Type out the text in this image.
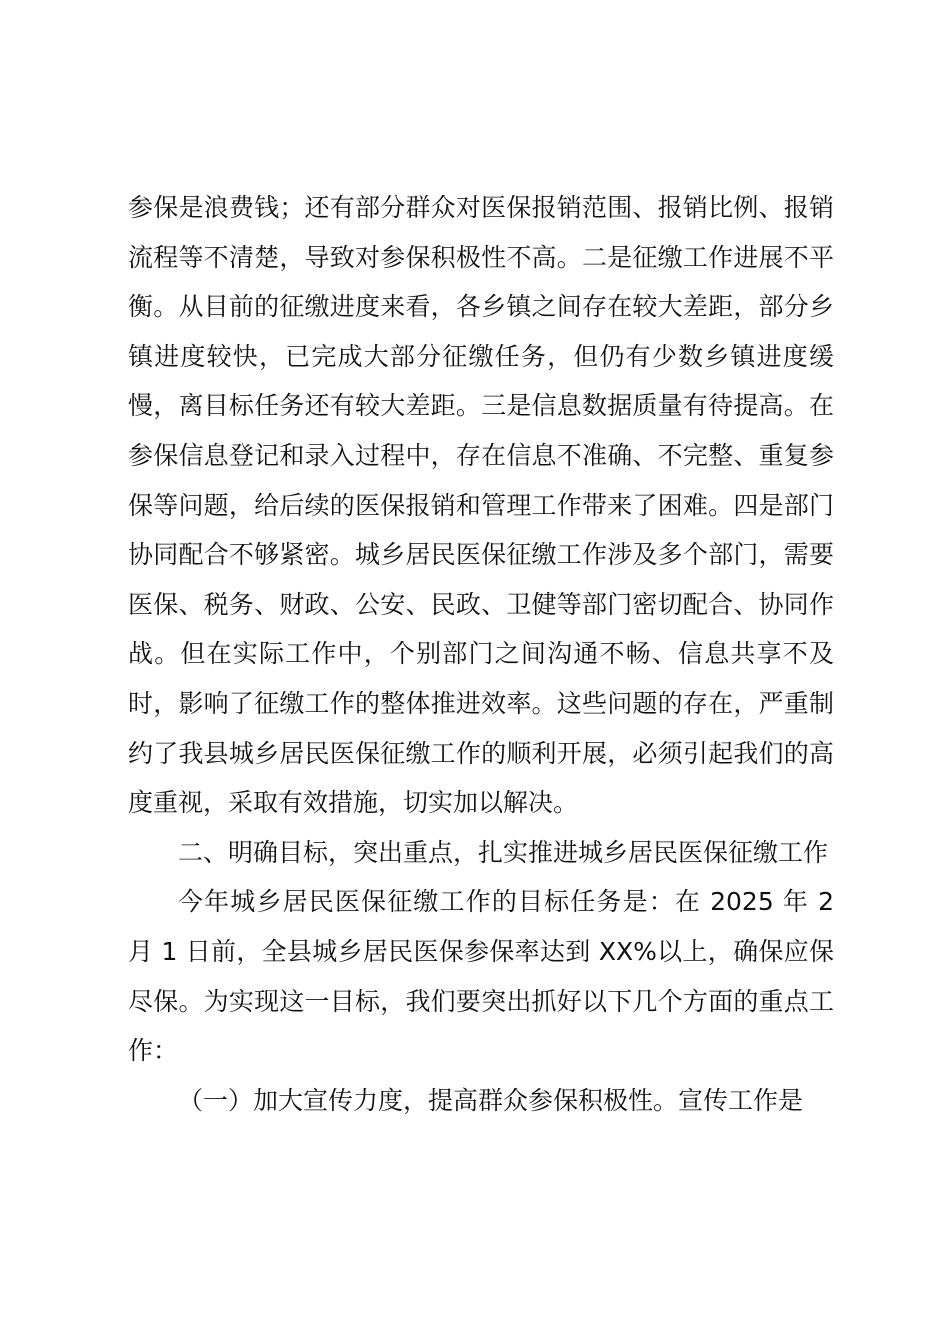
参保是浪费钱；还有部分群众对医保报销范围、报销比例、报销流程等不清楚，导致对参保积极性不高。二是征缴工作进展不平衡。从目前的征缴进度来看，各乡镇之间存在较大差距，部分乡镇进度较快，已完成大部分征缴任务，但仍有少数乡镇进度缓慢，离目标任务还有较大差距。三是信息数据质量有待提高。在参保信息登记和录入过程中，存在信息不准确、不完整、重复参保等问题，给后续的医保报销和管理工作带来了困难。四是部门协同配合不够紧密。城乡居民医保征缴工作涉及多个部门，需要医保、税务、财政、公安、民政、卫健等部门密切配合、协同作战。但在实际工作中，个别部门之间沟通不畅、信息共享不及时，影响了征缴工作的整体推进效率。这些问题的存在，严重制约了我县城乡居民医保征缴工作的顺利开展，必须引起我们的高度重视，采取有效措施，切实加以解决。

二、明确目标，突出重点，扎实推进城乡居民医保征缴工作

今年城乡居民医保征缴工作的目标任务是：在 2025 年 2 月 1 日前，全县城乡居民医保参保率达到 XX%以上，确保应保尽保。为实现这一目标，我们要突出抓好以下几个方面的重点工作：

（一）加大宣传力度，提高群众参保积极性。宣传工作是
